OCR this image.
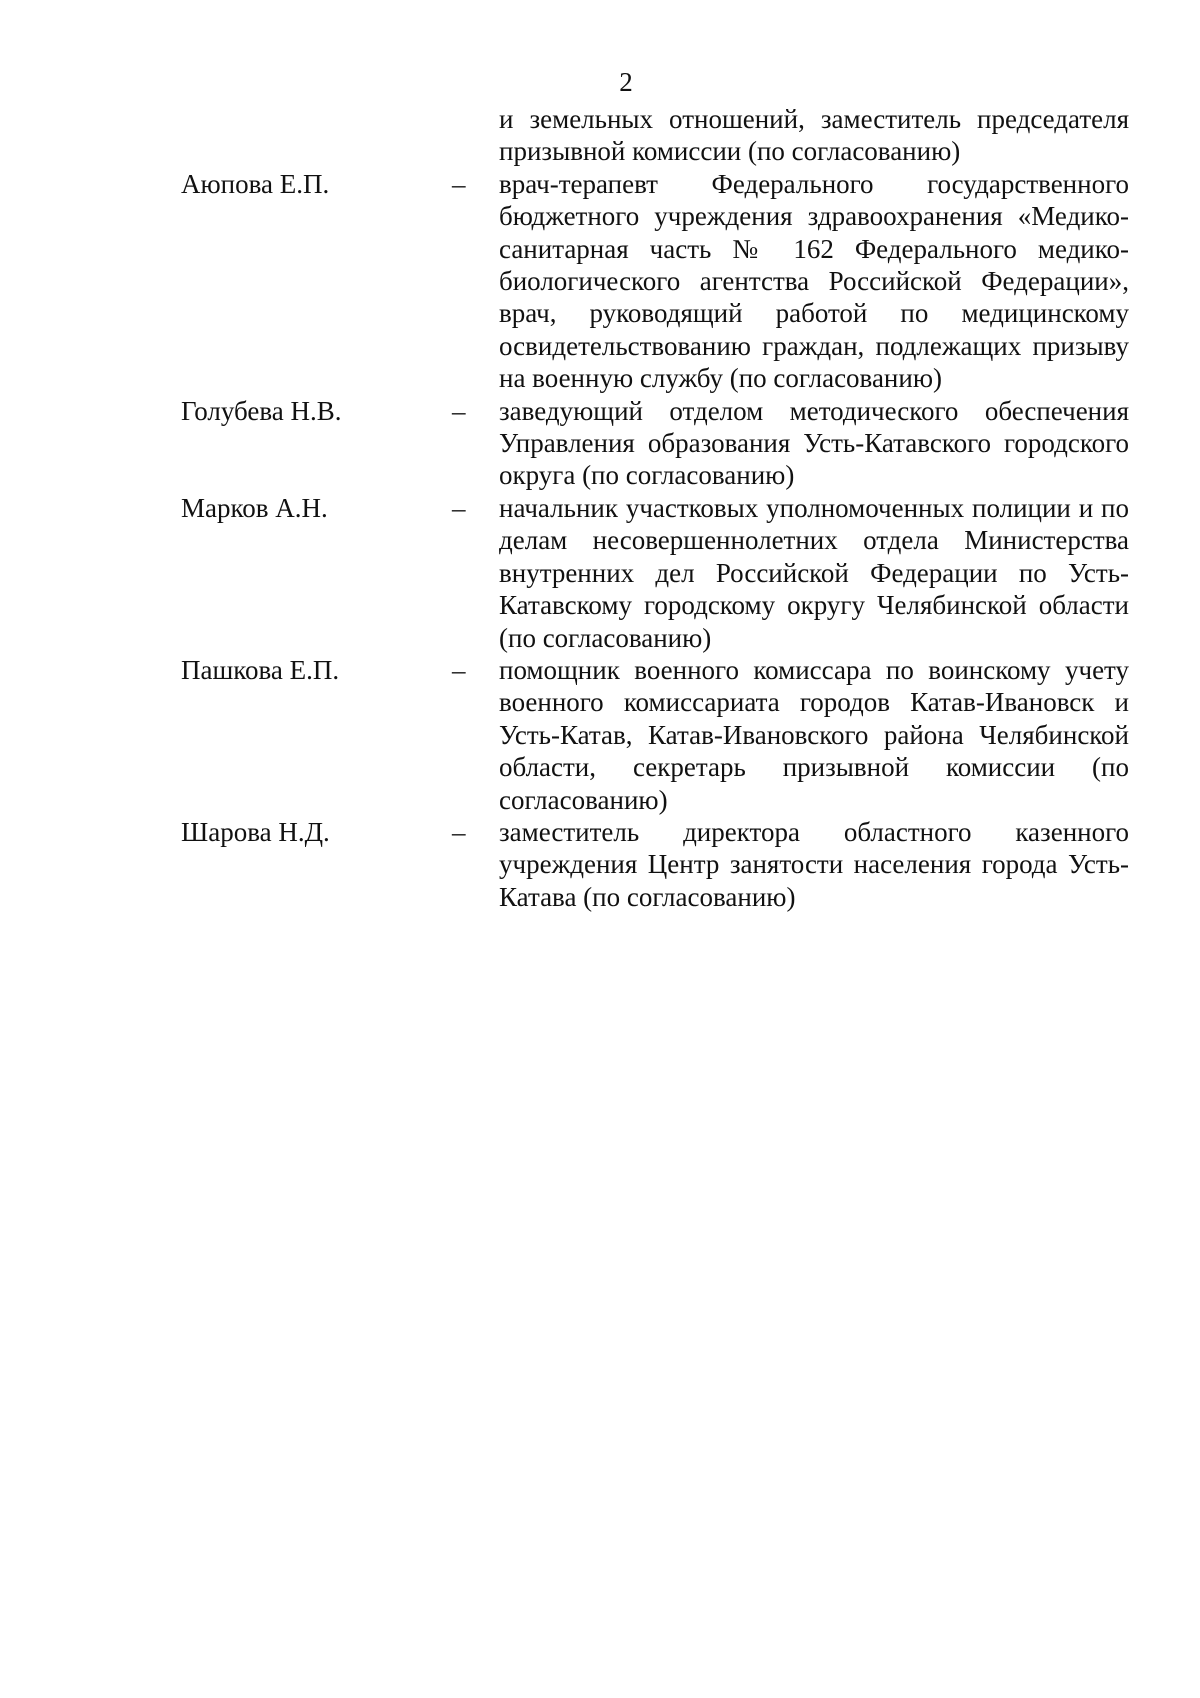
2
и земельных отношений, заместитель председателя призывной комиссии (по согласованию)
Аюпова Е.П.	– врач-терапевт Федерального государственного бюджетного учреждения здравоохранения «Медико-санитарная часть № 162 Федерального медико-биологического агентства Российской Федерации», врач, руководящий работой по медицинскому освидетельствованию граждан, подлежащих призыву на военную службу (по согласованию)
Голубева Н.В.	– заведующий отделом методического обеспечения Управления образования Усть-Катавского городского округа (по согласованию)
Марков А.Н.	– начальник участковых уполномоченных полиции и по делам несовершеннолетних отдела Министерства внутренних дел Российской Федерации по Усть-Катавскому городскому округу Челябинской области (по согласованию)
Пашкова Е.П.	– помощник военного комиссара по воинскому учету военного комиссариата городов Катав-Ивановск и Усть-Катав, Катав-Ивановского района Челябинской области, секретарь призывной комиссии (по согласованию)
Шарова Н.Д.	– заместитель директора областного казенного учреждения Центр занятости населения города Усть-Катава (по согласованию)
